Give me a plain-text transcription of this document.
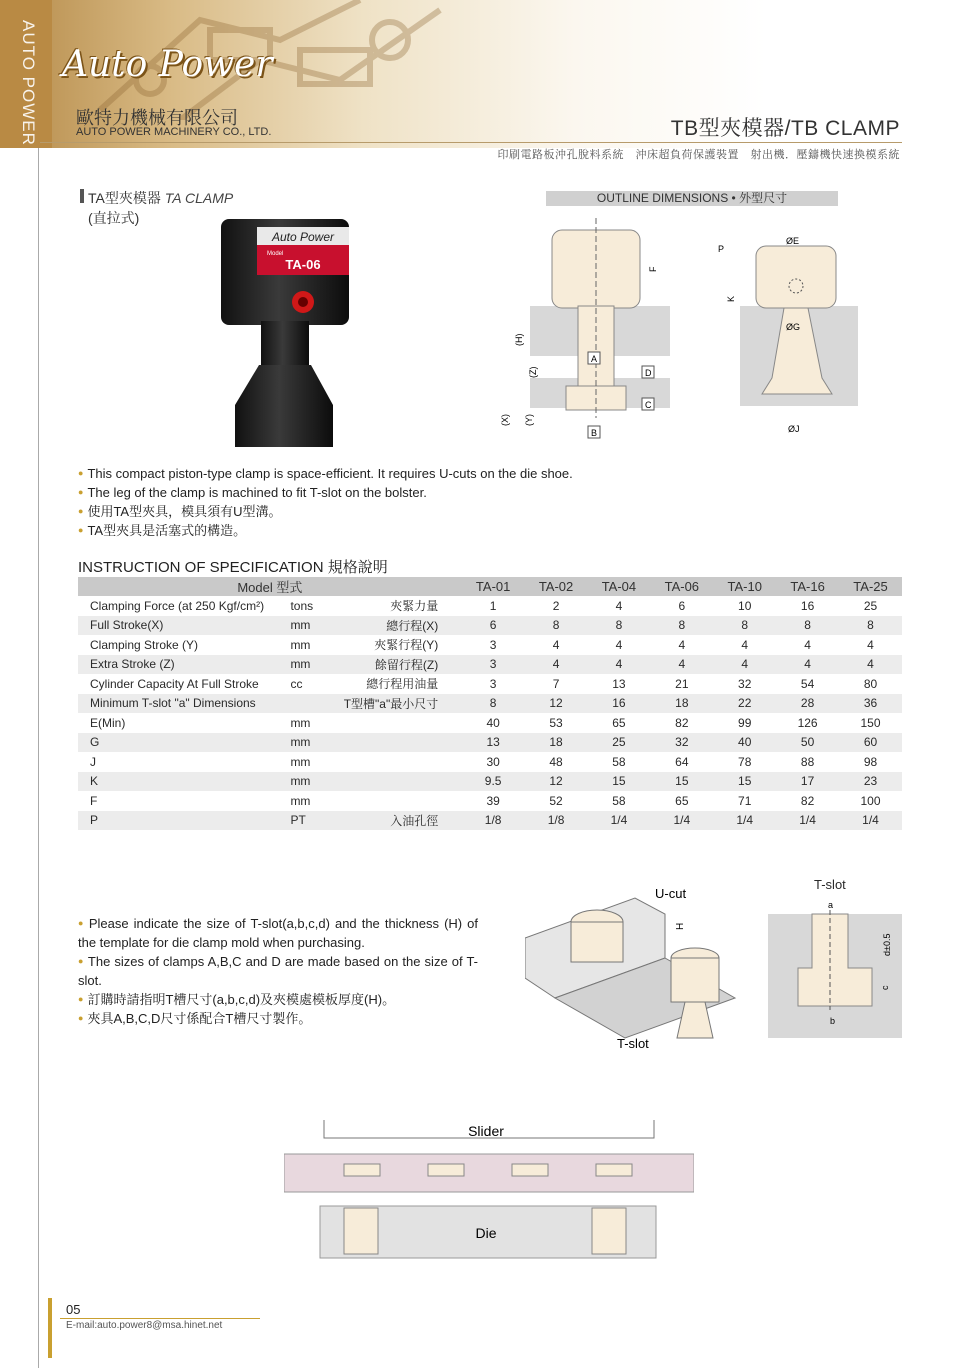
AUTO POWER Auto Power
歐特力機械有限公司
AUTO POWER MACHINERY CO., LTD.	TB型夾模器/TB CLAMP
印刷電路板沖孔脫料系統　沖床超負荷保護裝置　射出機．壓鑄機快速換模系統
TA型夾模器 TA CLAMP
(直拉式)
Auto Power
Model
TA-06
OUTLINE DIMENSIONS • 外型尺寸
F
(H)
(Z)
(X) (Y)
A
B
C
D
P
ØE
K
ØG
ØJ
● This compact piston-type clamp is space-efficient. It requires U-cuts on the die shoe.
● The leg of the clamp is machined to fit T-slot on the bolster.
● 使用TA型夾具，模具須有U型溝。
● TA型夾具是活塞式的構造。
INSTRUCTION OF SPECIFICATION 規格說明
Model 型式				TA-01	TA-02	TA-04	TA-06	TA-10	TA-16	TA-25
Clamping Force (at 250 Kgf/cm²)	tons	夾緊力量		1	2	4	6	10	16	25
Full Stroke(X)	mm	總行程(X)		6	8	8	8	8	8	8
Clamping Stroke (Y)	mm	夾緊行程(Y)		3	4	4	4	4	4	4
Extra Stroke (Z)	mm	餘留行程(Z)		3	4	4	4	4	4	4
Cylinder Capacity At Full Stroke	cc	總行程用油量		3	7	13	21	32	54	80
Minimum T-slot "a" Dimensions		T型槽"a"最小尺寸		8	12	16	18	22	28	36
E(Min)	mm			40	53	65	82	99	126	150
G	mm			13	18	25	32	40	50	60
J	mm			30	48	58	64	78	88	98
K	mm			9.5	12	15	15	15	17	23
F	mm			39	52	58	65	71	82	100
P	PT	入油孔徑		1/8	1/8	1/4	1/4	1/4	1/4	1/4
● Please indicate the size of T-slot(a,b,c,d) and the thickness (H) of the template for die clamp mold when purchasing.
● The sizes of clamps A,B,C and D are made based on the size of T-slot.
● 訂購時請指明T槽尺寸(a,b,c,d)及夾模處模板厚度(H)。
● 夾具A,B,C,D尺寸係配合T槽尺寸製作。
U-cut
H
T-slot
T-slot
a
b
c
d±0.5
Slider
Die
05
E-mail:auto.power8@msa.hinet.net
